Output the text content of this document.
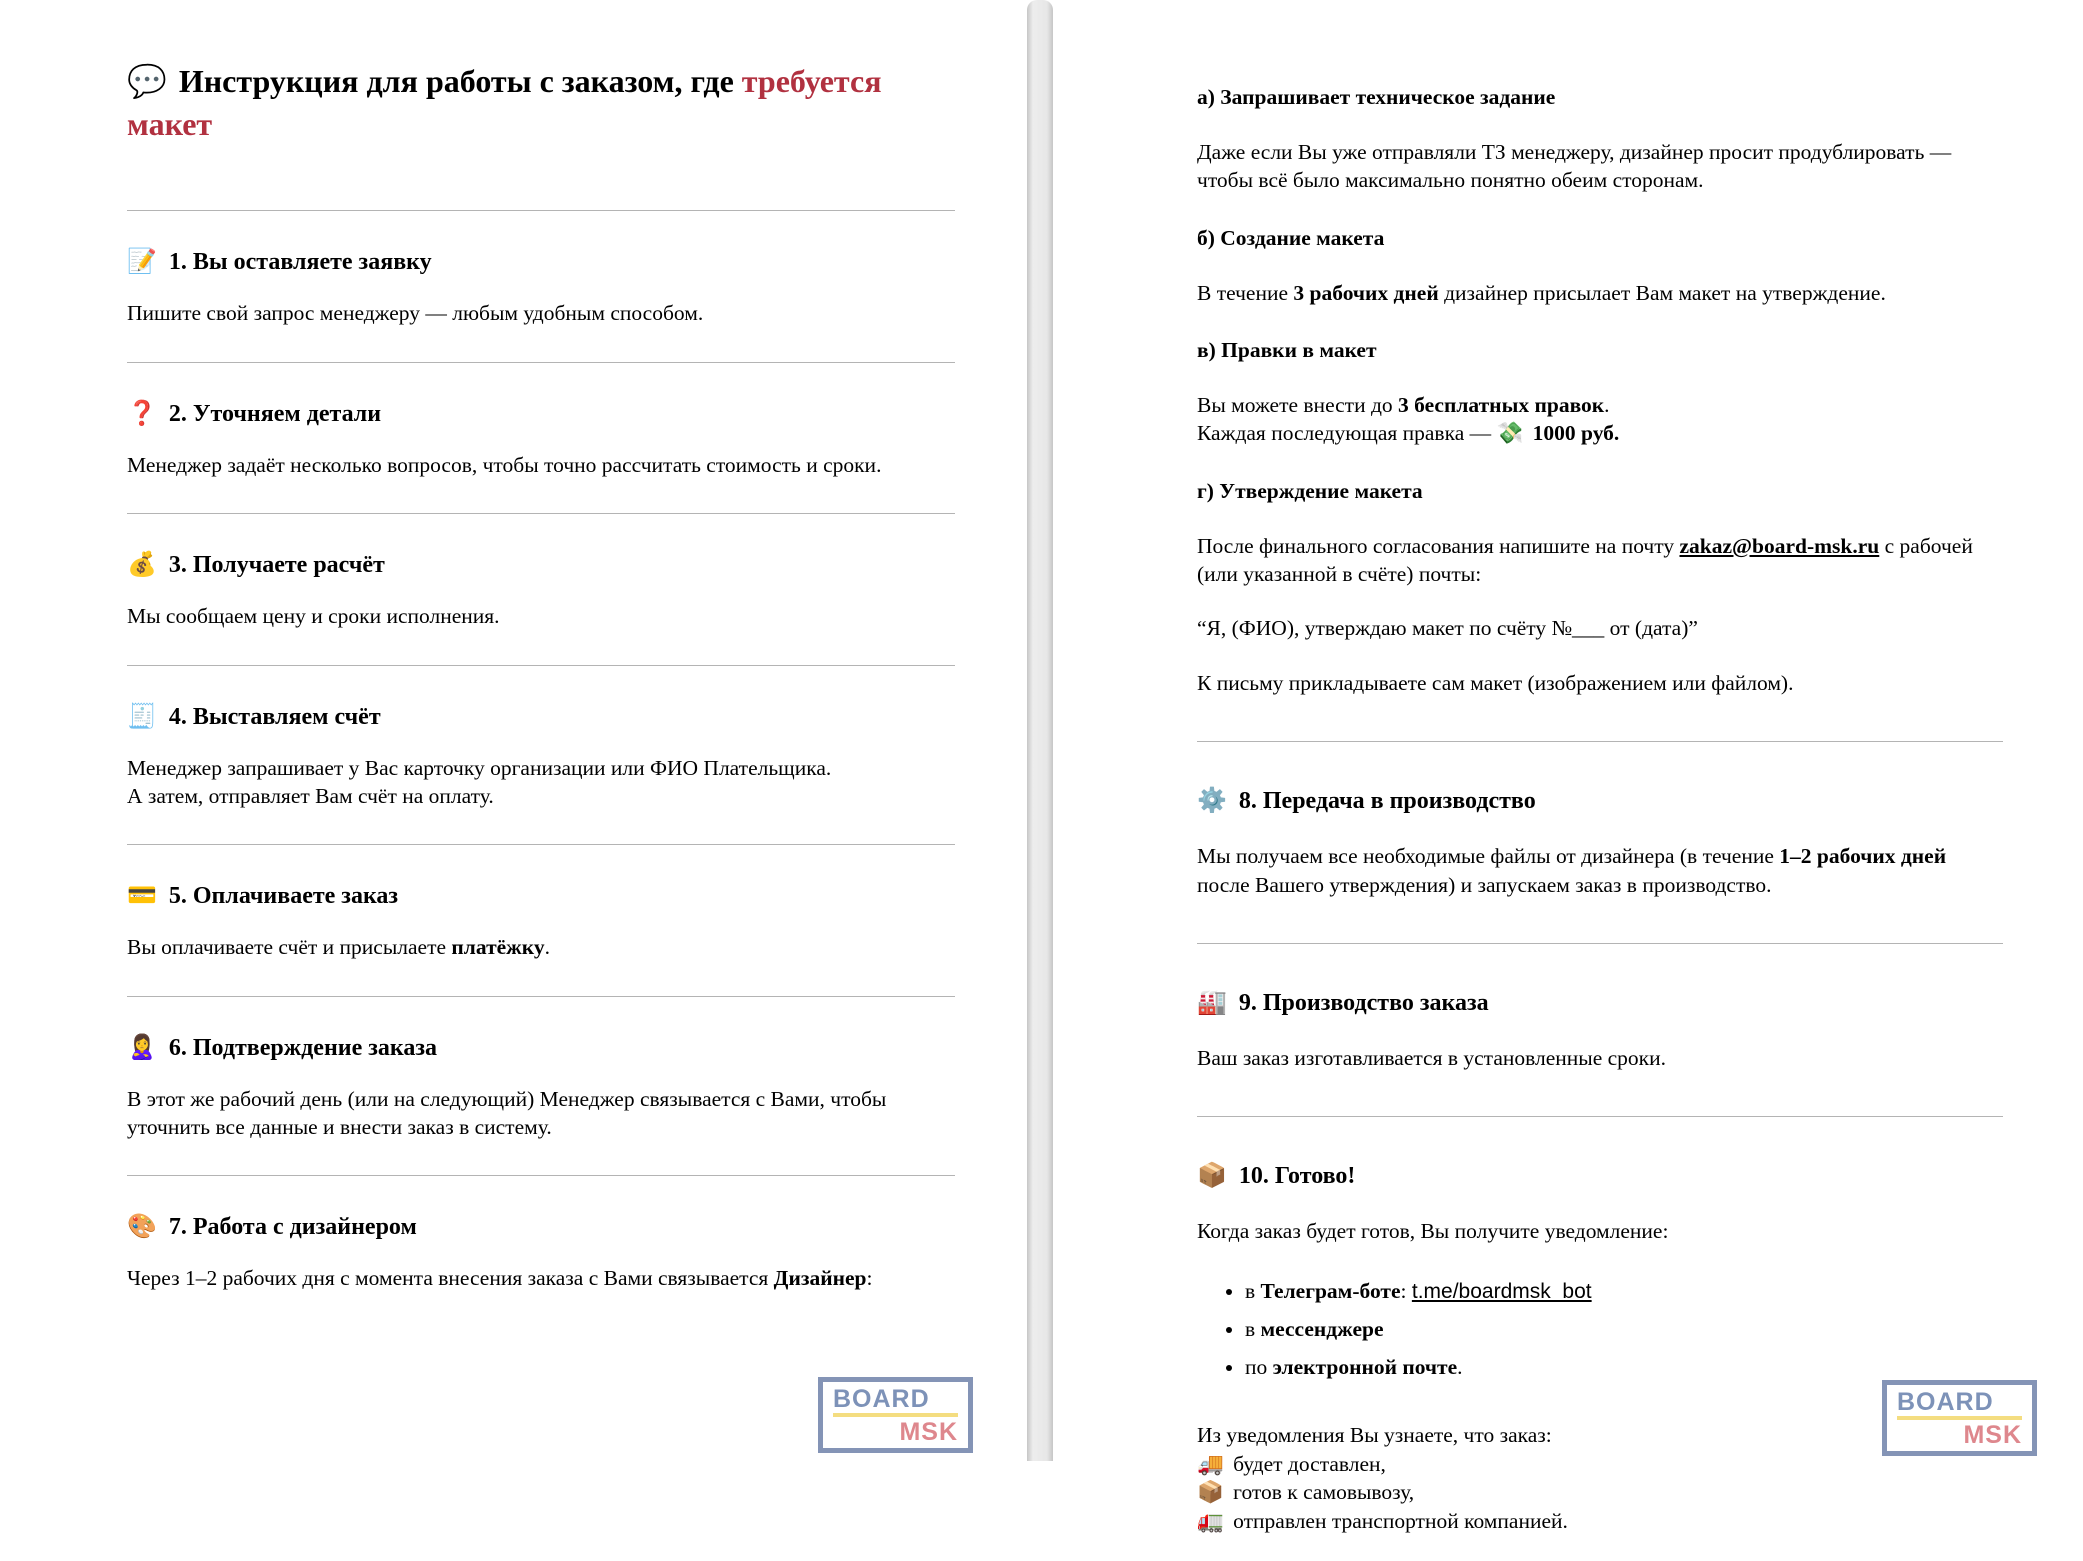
💬 Инструкция для работы с заказом, где требуется макет
📝 1. Вы оставляете заявку

Пишите свой запрос менеджеру — любым удобным способом.

❓ 2. Уточняем детали

Менеджер задаёт несколько вопросов, чтобы точно рассчитать стоимость и сроки.

💰 3. Получаете расчёт

Мы сообщаем цену и сроки исполнения.

🧾 4. Выставляем счёт

Менеджер запрашивает у Вас карточку организации или ФИО Плательщика.
А затем, отправляет Вам счёт на оплату.

💳 5. Оплачиваете заказ

Вы оплачиваете счёт и присылаете платёжку.

🙎‍♀️ 6. Подтверждение заказа

В этот же рабочий день (или на следующий) Менеджер связывается с Вами, чтобы уточнить все данные и внести заказ в систему.

🎨 7. Работа с дизайнером

Через 1–2 рабочих дня с момента внесения заказа с Вами связывается Дизайнер:

BOARD
MSK
а) Запрашивает техническое задание

Даже если Вы уже отправляли ТЗ менеджеру, дизайнер просит продублировать — чтобы всё было максимально понятно обеим сторонам.

б) Создание макета

В течение 3 рабочих дней дизайнер присылает Вам макет на утверждение.

в) Правки в макет

Вы можете внести до 3 бесплатных правок.
Каждая последующая правка — 💸 1000 руб.

г) Утверждение макета

После финального согласования напишите на почту zakaz@board-msk.ru с рабочей (или указанной в счёте) почты:

“Я, (ФИО), утверждаю макет по счёту №___ от (дата)”

К письму прикладываете сам макет (изображением или файлом).

⚙️ 8. Передача в производство

Мы получаем все необходимые файлы от дизайнера (в течение 1–2 рабочих дней после Вашего утверждения) и запускаем заказ в производство.

🏭 9. Производство заказа

Ваш заказ изготавливается в установленные сроки.

📦 10. Готово!

Когда заказ будет готов, Вы получите уведомление:

• в Телеграм-боте: t.me/boardmsk_bot
• в мессенджере
• по электронной почте.

Из уведомления Вы узнаете, что заказ:
🚚 будет доставлен,
📦 готов к самовывозу,
🚛 отправлен транспортной компанией.

BOARD
MSK
